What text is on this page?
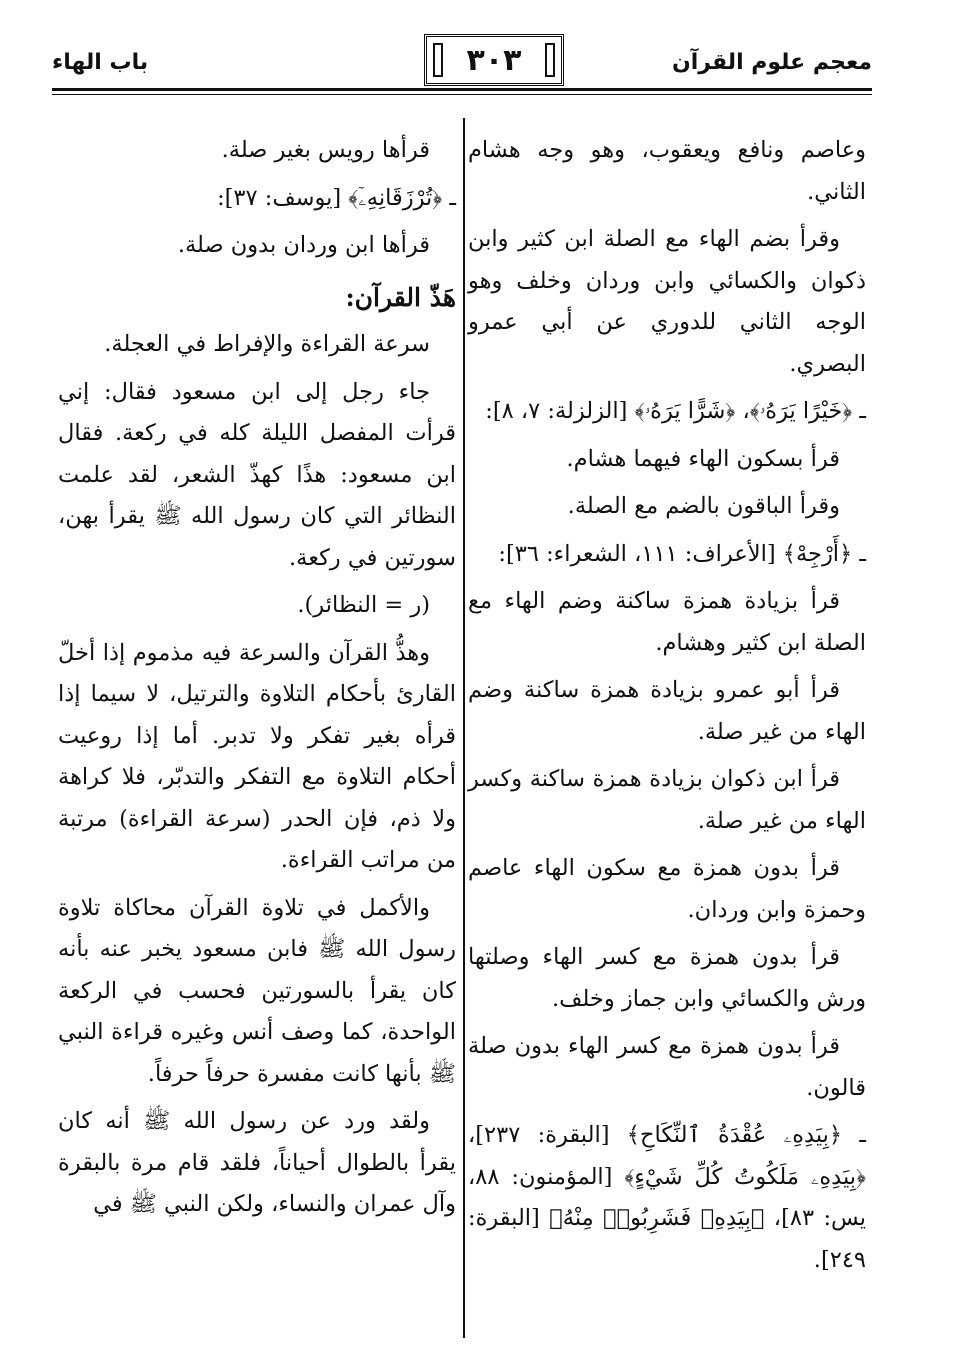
معجم علوم القرآن
٣٠٣
باب الهاء

وعاصم ونافع ويعقوب، وهو وجه هشام الثاني.

وقرأ بضم الهاء مع الصلة ابن كثير وابن ذكوان والكسائي وابن وردان وخلف وهو الوجه الثاني للدوري عن أبي عمرو البصري.

ـ ﴿خَيْرًا يَرَهُۥ﴾، ﴿شَرًّا يَرَهُۥ﴾ [الزلزلة: ٧، ٨]:

قرأ بسكون الهاء فيهما هشام.

وقرأ الباقون بالضم مع الصلة.

ـ ﴿أَرْجِهْ﴾ [الأعراف: ١١١، الشعراء: ٣٦]:

قرأ بزيادة همزة ساكنة وضم الهاء مع الصلة ابن كثير وهشام.

قرأ أبو عمرو بزيادة همزة ساكنة وضم الهاء من غير صلة.

قرأ ابن ذكوان بزيادة همزة ساكنة وكسر الهاء من غير صلة.

قرأ بدون همزة مع سكون الهاء عاصم وحمزة وابن وردان.

قرأ بدون همزة مع كسر الهاء وصلتها ورش والكسائي وابن جماز وخلف.

قرأ بدون همزة مع كسر الهاء بدون صلة قالون.

ـ ﴿بِيَدِهِۦ عُقْدَةُ ٱلنِّكَاحِ﴾ [البقرة: ٢٣٧]، ﴿بِيَدِهِۦ مَلَكُوتُ كُلِّ شَيْءٍ﴾ [المؤمنون: ٨٨، يس: ٨٣]، ﴿بِيَدِهِۦ فَشَرِبُوا۟ مِنْهُ﴾ [البقرة: ٢٤٩].

قرأها رويس بغير صلة.

ـ ﴿تُرْزَقَانِهِۦٓ﴾ [يوسف: ٣٧]:

قرأها ابن وردان بدون صلة.

هَذّ القرآن:

سرعة القراءة والإفراط في العجلة.

جاء رجل إلى ابن مسعود فقال: إني قرأت المفصل الليلة كله في ركعة. فقال ابن مسعود: هذًا كهذّ الشعر، لقد علمت النظائر التي كان رسول الله ﷺ يقرأ بهن، سورتين في ركعة.

(ر = النظائر).

وهذُّ القرآن والسرعة فيه مذموم إذا أخلّ القارئ بأحكام التلاوة والترتيل، لا سيما إذا قرأه بغير تفكر ولا تدبر. أما إذا روعيت أحكام التلاوة مع التفكر والتدبّر، فلا كراهة ولا ذم، فإن الحدر (سرعة القراءة) مرتبة من مراتب القراءة.

والأكمل في تلاوة القرآن محاكاة تلاوة رسول الله ﷺ فابن مسعود يخبر عنه بأنه كان يقرأ بالسورتين فحسب في الركعة الواحدة، كما وصف أنس وغيره قراءة النبي ﷺ بأنها كانت مفسرة حرفاً حرفاً.

ولقد ورد عن رسول الله ﷺ أنه كان يقرأ بالطوال أحياناً، فلقد قام مرة بالبقرة وآل عمران والنساء، ولكن النبي ﷺ في
